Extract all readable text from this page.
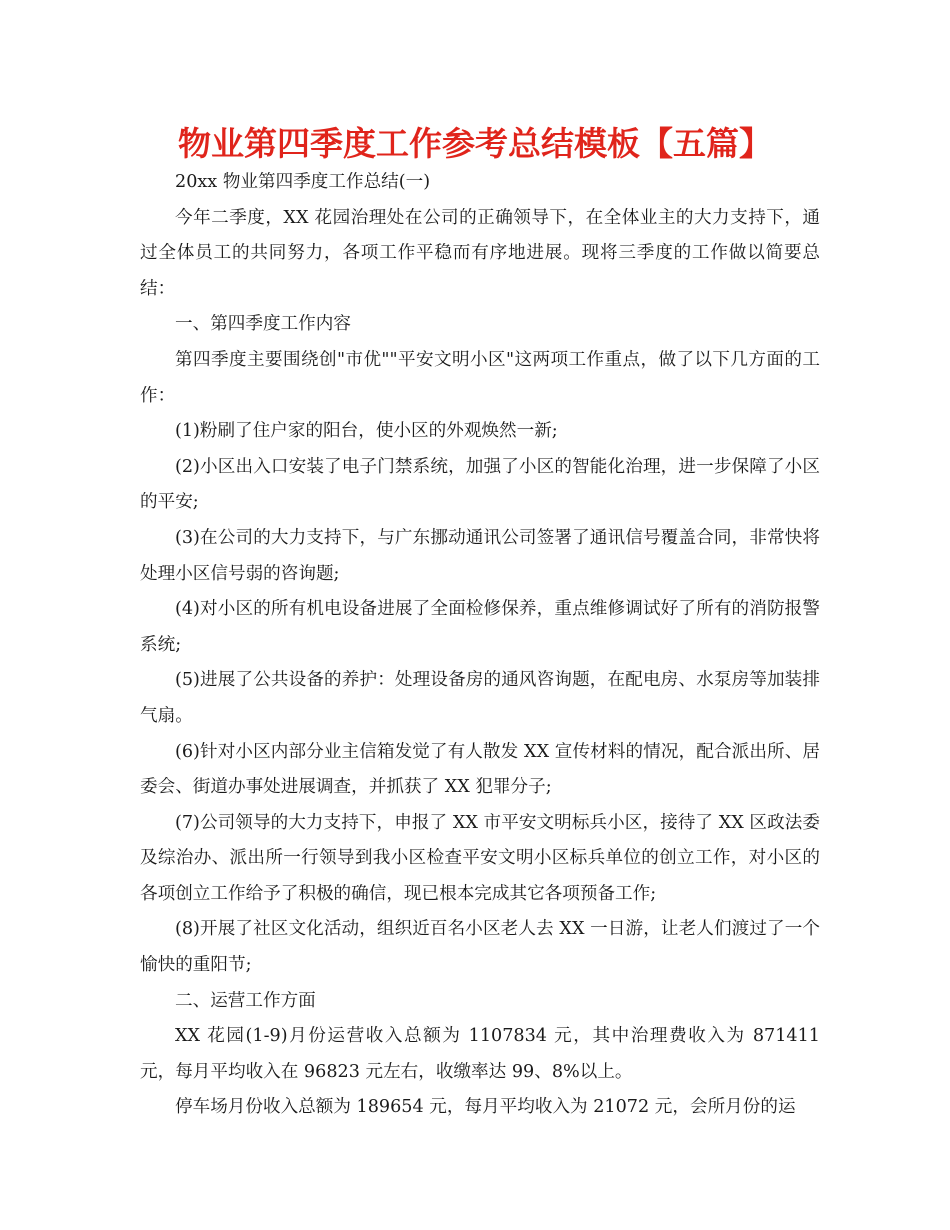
物业第四季度工作参考总结模板【五篇】

20xx 物业第四季度工作总结(一)

今年二季度，XX 花园治理处在公司的正确领导下，在全体业主的大力支持下，通过全体员工的共同努力，各项工作平稳而有序地进展。现将三季度的工作做以简要总结：

一、第四季度工作内容

第四季度主要围绕创"市优""平安文明小区"这两项工作重点，做了以下几方面的工作：

(1)粉刷了住户家的阳台，使小区的外观焕然一新;

(2)小区出入口安装了电子门禁系统，加强了小区的智能化治理，进一步保障了小区的平安;

(3)在公司的大力支持下，与广东挪动通讯公司签署了通讯信号覆盖合同，非常快将处理小区信号弱的咨询题;

(4)对小区的所有机电设备进展了全面检修保养，重点维修调试好了所有的消防报警系统;

(5)进展了公共设备的养护：处理设备房的通风咨询题，在配电房、水泵房等加装排气扇。

(6)针对小区内部分业主信箱发觉了有人散发 XX 宣传材料的情况，配合派出所、居委会、街道办事处进展调查，并抓获了 XX 犯罪分子;

(7)公司领导的大力支持下，申报了 XX 市平安文明标兵小区，接待了 XX 区政法委及综治办、派出所一行领导到我小区检查平安文明小区标兵单位的创立工作，对小区的各项创立工作给予了积极的确信，现已根本完成其它各项预备工作;

(8)开展了社区文化活动，组织近百名小区老人去 XX 一日游，让老人们渡过了一个愉快的重阳节;

二、运营工作方面

XX 花园(1-9)月份运营收入总额为 1107834 元，其中治理费收入为 871411 元，每月平均收入在 96823 元左右，收缴率达 99、8%以上。

停车场月份收入总额为 189654 元，每月平均收入为 21072 元，会所月份的运
